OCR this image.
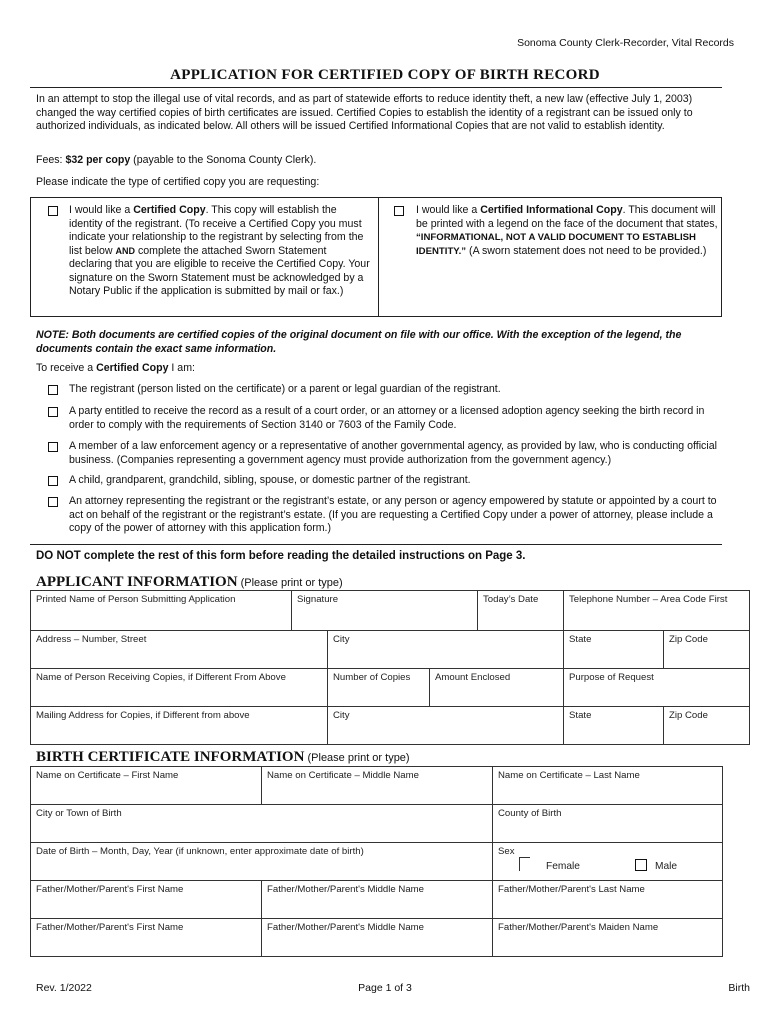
Sonoma County Clerk-Recorder, Vital Records
APPLICATION FOR CERTIFIED COPY OF BIRTH RECORD
In an attempt to stop the illegal use of vital records, and as part of statewide efforts to reduce identity theft, a new law (effective July 1, 2003) changed the way certified copies of birth certificates are issued. Certified Copies to establish the identity of a registrant can be issued only to authorized individuals, as indicated below. All others will be issued Certified Informational Copies that are not valid to establish identity.
Fees: $32 per copy (payable to the Sonoma County Clerk).
Please indicate the type of certified copy you are requesting:
I would like a Certified Copy. This copy will establish the identity of the registrant. (To receive a Certified Copy you must indicate your relationship to the registrant by selecting from the list below AND complete the attached Sworn Statement declaring that you are eligible to receive the Certified Copy. Your signature on the Sworn Statement must be acknowledged by a Notary Public if the application is submitted by mail or fax.)
I would like a Certified Informational Copy. This document will be printed with a legend on the face of the document that states, “INFORMATIONAL, NOT A VALID DOCUMENT TO ESTABLISH IDENTITY.” (A sworn statement does not need to be provided.)
NOTE: Both documents are certified copies of the original document on file with our office. With the exception of the legend, the documents contain the exact same information.
To receive a Certified Copy I am:
The registrant (person listed on the certificate) or a parent or legal guardian of the registrant.
A party entitled to receive the record as a result of a court order, or an attorney or a licensed adoption agency seeking the birth record in order to comply with the requirements of Section 3140 or 7603 of the Family Code.
A member of a law enforcement agency or a representative of another governmental agency, as provided by law, who is conducting official business. (Companies representing a government agency must provide authorization from the government agency.)
A child, grandparent, grandchild, sibling, spouse, or domestic partner of the registrant.
An attorney representing the registrant or the registrant’s estate, or any person or agency empowered by statute or appointed by a court to act on behalf of the registrant or the registrant’s estate. (If you are requesting a Certified Copy under a power of attorney, please include a copy of the power of attorney with this application form.)
DO NOT complete the rest of this form before reading the detailed instructions on Page 3.
APPLICANT INFORMATION (Please print or type)
Printed Name of Person Submitting Application	Signature			Today’s Date	Telephone Number – Area Code First	
Address – Number, Street		City			State	Zip Code
Name of Person Receiving Copies, if Different From Above		Number of Copies	Amount Enclosed		Purpose of Request	
Mailing Address for Copies, if Different from above		City			State	Zip Code
BIRTH CERTIFICATE INFORMATION (Please print or type)
Name on Certificate – First Name	Name on Certificate – Middle Name	Name on Certificate – Last Name
City or Town of Birth		County of Birth
Date of Birth – Month, Day, Year (if unknown, enter approximate date of birth)		Sex
Female Male

Father/Mother/Parent's First Name	Father/Mother/Parent's Middle Name	Father/Mother/Parent's Last Name
Father/Mother/Parent's First Name	Father/Mother/Parent's Middle Name	Father/Mother/Parent's Maiden Name
Rev. 1/2022	Page 1 of 3	Birth
